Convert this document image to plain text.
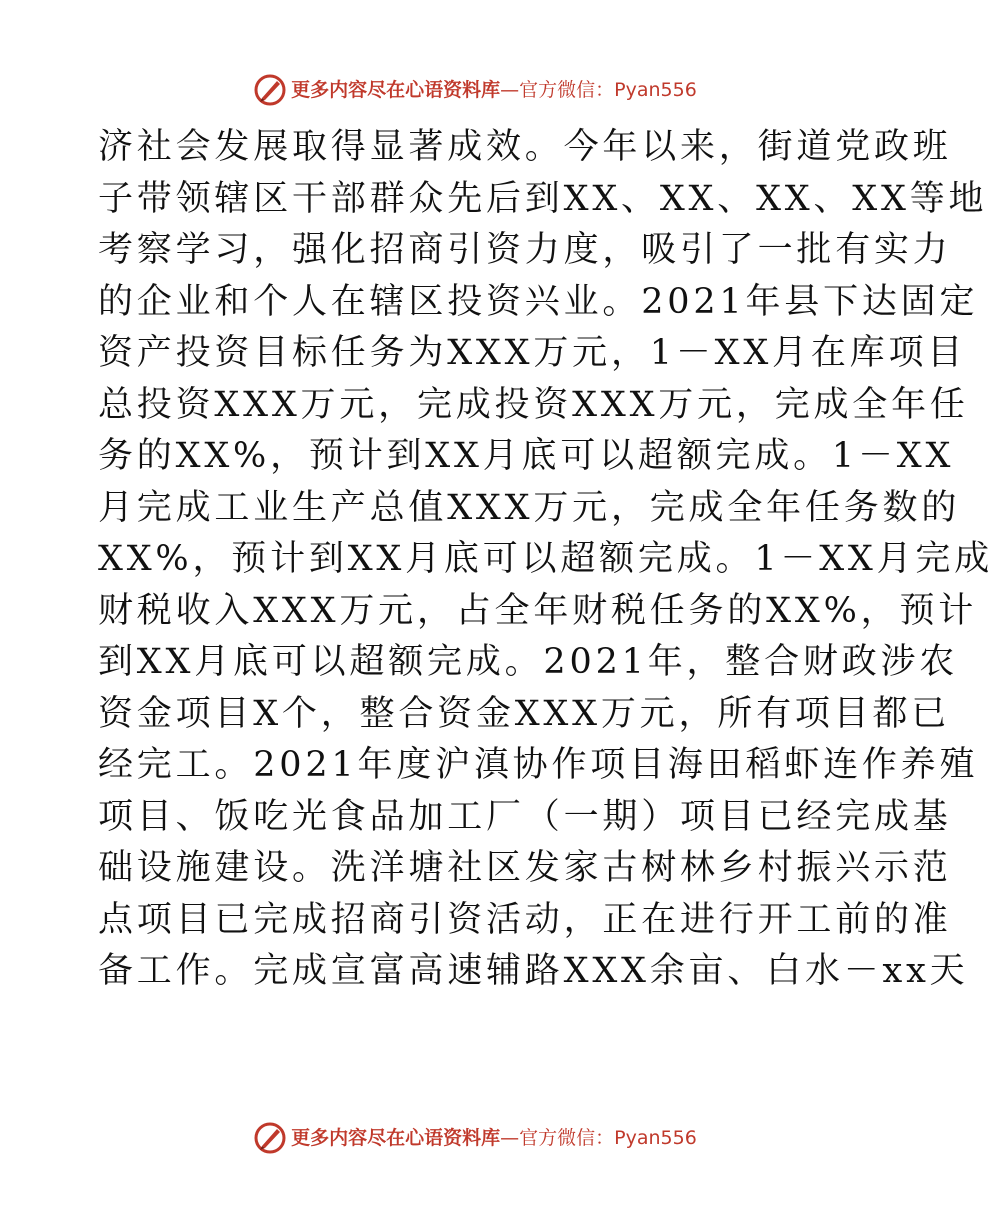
更多内容尽在心语资料库 — 官方微信：Pyan556
济社会发展取得显著成效。今年以来，街道党政班
子带领辖区干部群众先后到XX、XX、XX、XX等地
考察学习，强化招商引资力度，吸引了一批有实力
的企业和个人在辖区投资兴业。2021年县下达固定
资产投资目标任务为XXX万元，1－XX月在库项目
总投资XXX万元，完成投资XXX万元，完成全年任
务的XX%，预计到XX月底可以超额完成。1－XX
月完成工业生产总值XXX万元，完成全年任务数的
XX%，预计到XX月底可以超额完成。1－XX月完成
财税收入XXX万元，占全年财税任务的XX%，预计
到XX月底可以超额完成。2021年，整合财政涉农
资金项目X个，整合资金XXX万元，所有项目都已
经完工。2021年度沪滇协作项目海田稻虾连作养殖
项目、饭吃光食品加工厂（一期）项目已经完成基
础设施建设。洗洋塘社区发家古树林乡村振兴示范
点项目已完成招商引资活动，正在进行开工前的准
备工作。完成宣富高速辅路XXX余亩、白水－xx天
更多内容尽在心语资料库 — 官方微信：Pyan556
